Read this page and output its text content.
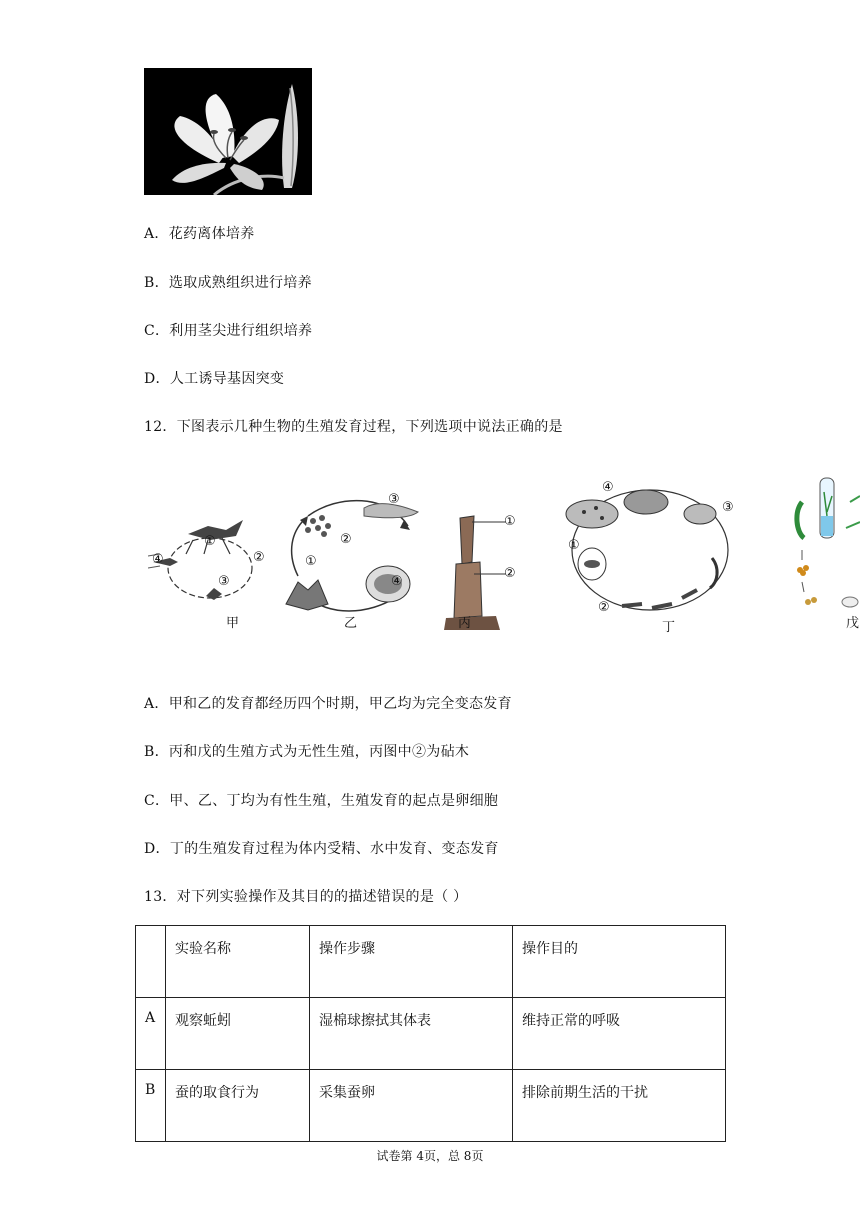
A．花药离体培养
B．选取成熟组织进行培养
C．利用茎尖进行组织培养
D．人工诱导基因突变
12．下图表示几种生物的生殖发育过程，下列选项中说法正确的是
①
②
③
④
甲
②
③
①
④
乙
①
②
丙
④
③
①
②
丁	戊
A．甲和乙的发育都经历四个时期，甲乙均为完全变态发育
B．丙和戊的生殖方式为无性生殖，丙图中②为砧木
C．甲、乙、丁均为有性生殖，生殖发育的起点是卵细胞
D．丁的生殖发育过程为体内受精、水中发育、变态发育
13．对下列实验操作及其目的的描述错误的是（ ）
	实验名称	操作步骤	操作目的
A	观察蚯蚓	湿棉球擦拭其体表	维持正常的呼吸
B	蚕的取食行为	采集蚕卵	排除前期生活的干扰
试卷第 4页，总 8页
